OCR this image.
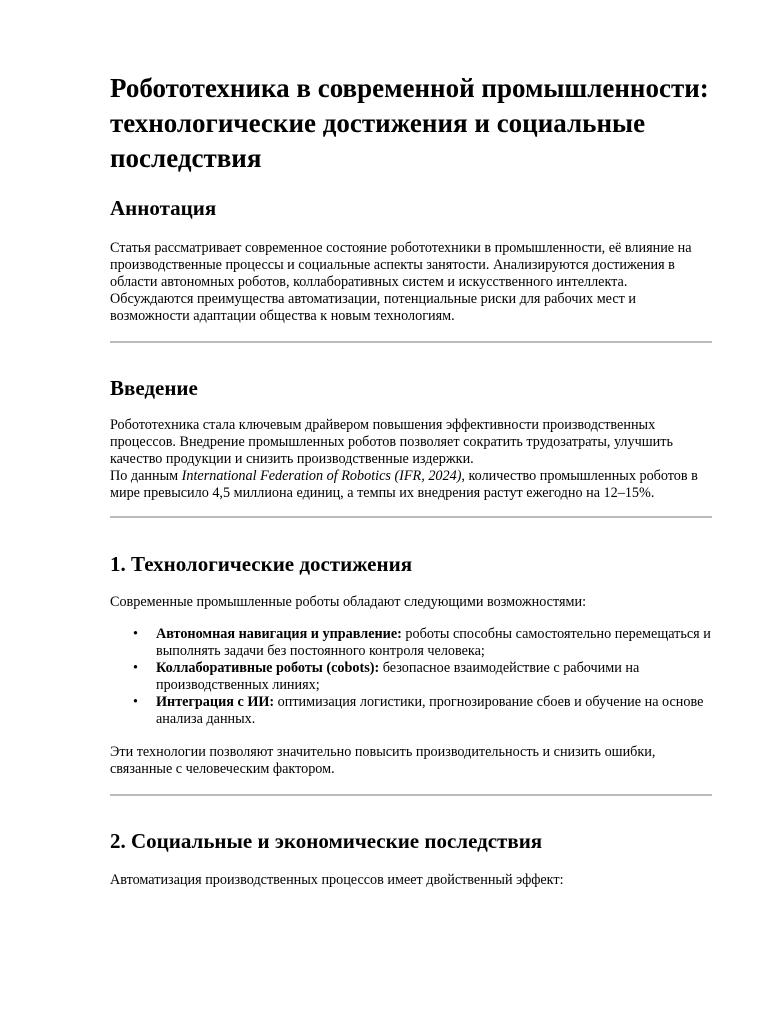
Робототехника в современной промышленности: технологические достижения и социальные последствия
Аннотация

Статья рассматривает современное состояние робототехники в промышленности, её влияние на производственные процессы и социальные аспекты занятости. Анализируются достижения в области автономных роботов, коллаборативных систем и искусственного интеллекта. Обсуждаются преимущества автоматизации, потенциальные риски для рабочих мест и возможности адаптации общества к новым технологиям.

Введение

Робототехника стала ключевым драйвером повышения эффективности производственных процессов. Внедрение промышленных роботов позволяет сократить трудозатраты, улучшить качество продукции и снизить производственные издержки.

По данным International Federation of Robotics (IFR, 2024), количество промышленных роботов в мире превысило 4,5 миллиона единиц, а темпы их внедрения растут ежегодно на 12–15%.

1. Технологические достижения

Современные промышленные роботы обладают следующими возможностями:

• Автономная навигация и управление: роботы способны самостоятельно перемещаться и выполнять задачи без постоянного контроля человека;
• Коллаборативные роботы (cobots): безопасное взаимодействие с рабочими на производственных линиях;
• Интеграция с ИИ: оптимизация логистики, прогнозирование сбоев и обучение на основе анализа данных.

Эти технологии позволяют значительно повысить производительность и снизить ошибки, связанные с человеческим фактором.

2. Социальные и экономические последствия

Автоматизация производственных процессов имеет двойственный эффект:
